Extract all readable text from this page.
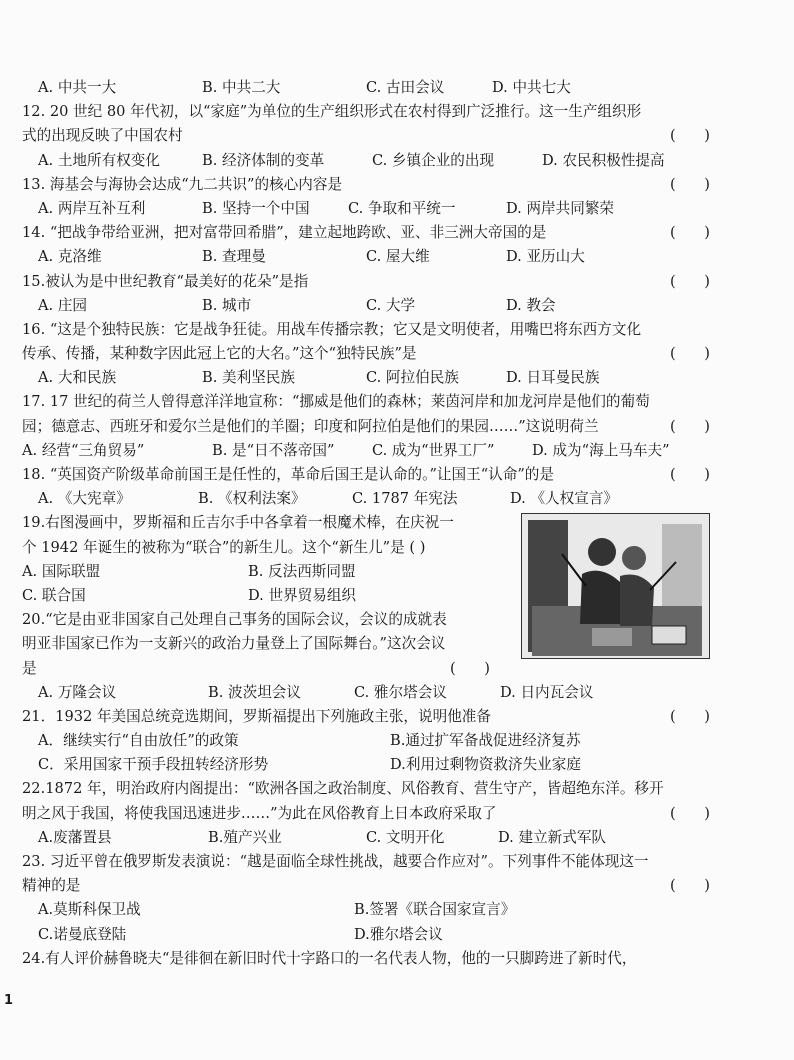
A. 中共一大	B. 中共二大	C. 古田会议	D. 中共七大
12. 20 世纪 80 年代初，以“家庭”为单位的生产组织形式在农村得到广泛推行。这一生产组织形
式的出现反映了中国农村	( )
A. 土地所有权变化	B. 经济体制的变革	C. 乡镇企业的出现	D. 农民积极性提高
13. 海基会与海协会达成“九二共识”的核心内容是	( )
A. 两岸互补互利	B. 坚持一个中国	C. 争取和平统一	D. 两岸共同繁荣
14. “把战争带给亚洲，把对富带回希腊”，建立起地跨欧、亚、非三洲大帝国的是	( )
A. 克洛维	B. 查理曼	C. 屋大维	D. 亚历山大
15.被认为是中世纪教育“最美好的花朵”是指	( )
A. 庄园	B. 城市	C. 大学	D. 教会
16. “这是个独特民族：它是战争狂徒。用战车传播宗教；它又是文明使者，用嘴巴将东西方文化
传承、传播，某种数字因此冠上它的大名。”这个“独特民族”是	( )
A. 大和民族	B. 美利坚民族	C. 阿拉伯民族	D. 日耳曼民族
17. 17 世纪的荷兰人曾得意洋洋地宣称：“挪威是他们的森林；莱茵河岸和加龙河岸是他们的葡萄
园；德意志、西班牙和爱尔兰是他们的羊圈；印度和阿拉伯是他们的果园……”这说明荷兰	( )
A. 经营“三角贸易”	B. 是“日不落帝国”	C. 成为“世界工厂”	D. 成为“海上马车夫”
18. “英国资产阶级革命前国王是任性的，革命后国王是认命的。”让国王“认命”的是	( )
A. 《大宪章》	B. 《权利法案》	C. 1787 年宪法	D. 《人权宣言》
19.右图漫画中，罗斯福和丘吉尔手中各拿着一根魔术棒，在庆祝一
个 1942 年诞生的被称为“联合”的新生儿。这个“新生儿”是 ( )
A. 国际联盟	B. 反法西斯同盟
C. 联合国	D. 世界贸易组织
20.“它是由亚非国家自己处理自己事务的国际会议，会议的成就表
明亚非国家已作为一支新兴的政治力量登上了国际舞台。”这次会议
是	( )
A. 万隆会议	B. 波茨坦会议	C. 雅尔塔会议	D. 日内瓦会议
21．1932 年美国总统竞选期间，罗斯福提出下列施政主张，说明他准备	( )
A．继续实行“自由放任”的政策	B.通过扩军备战促进经济复苏
C．采用国家干预手段扭转经济形势	D.利用过剩物资救济失业家庭
22.1872 年，明治政府内阁提出：“欧洲各国之政治制度、风俗教育、营生守产，皆超绝东洋。移开
明之风于我国，将使我国迅速进步……”为此在风俗教育上日本政府采取了	( )
A.废藩置县	B.殖产兴业	C. 文明开化	D. 建立新式军队
23. 习近平曾在俄罗斯发表演说：“越是面临全球性挑战，越要合作应对”。下列事件不能体现这一
精神的是	( )
A.莫斯科保卫战	B.签署《联合国家宣言》
C.诺曼底登陆	D.雅尔塔会议
24.有人评价赫鲁晓夫“是徘徊在新旧时代十字路口的一名代表人物，他的一只脚跨进了新时代，
1
